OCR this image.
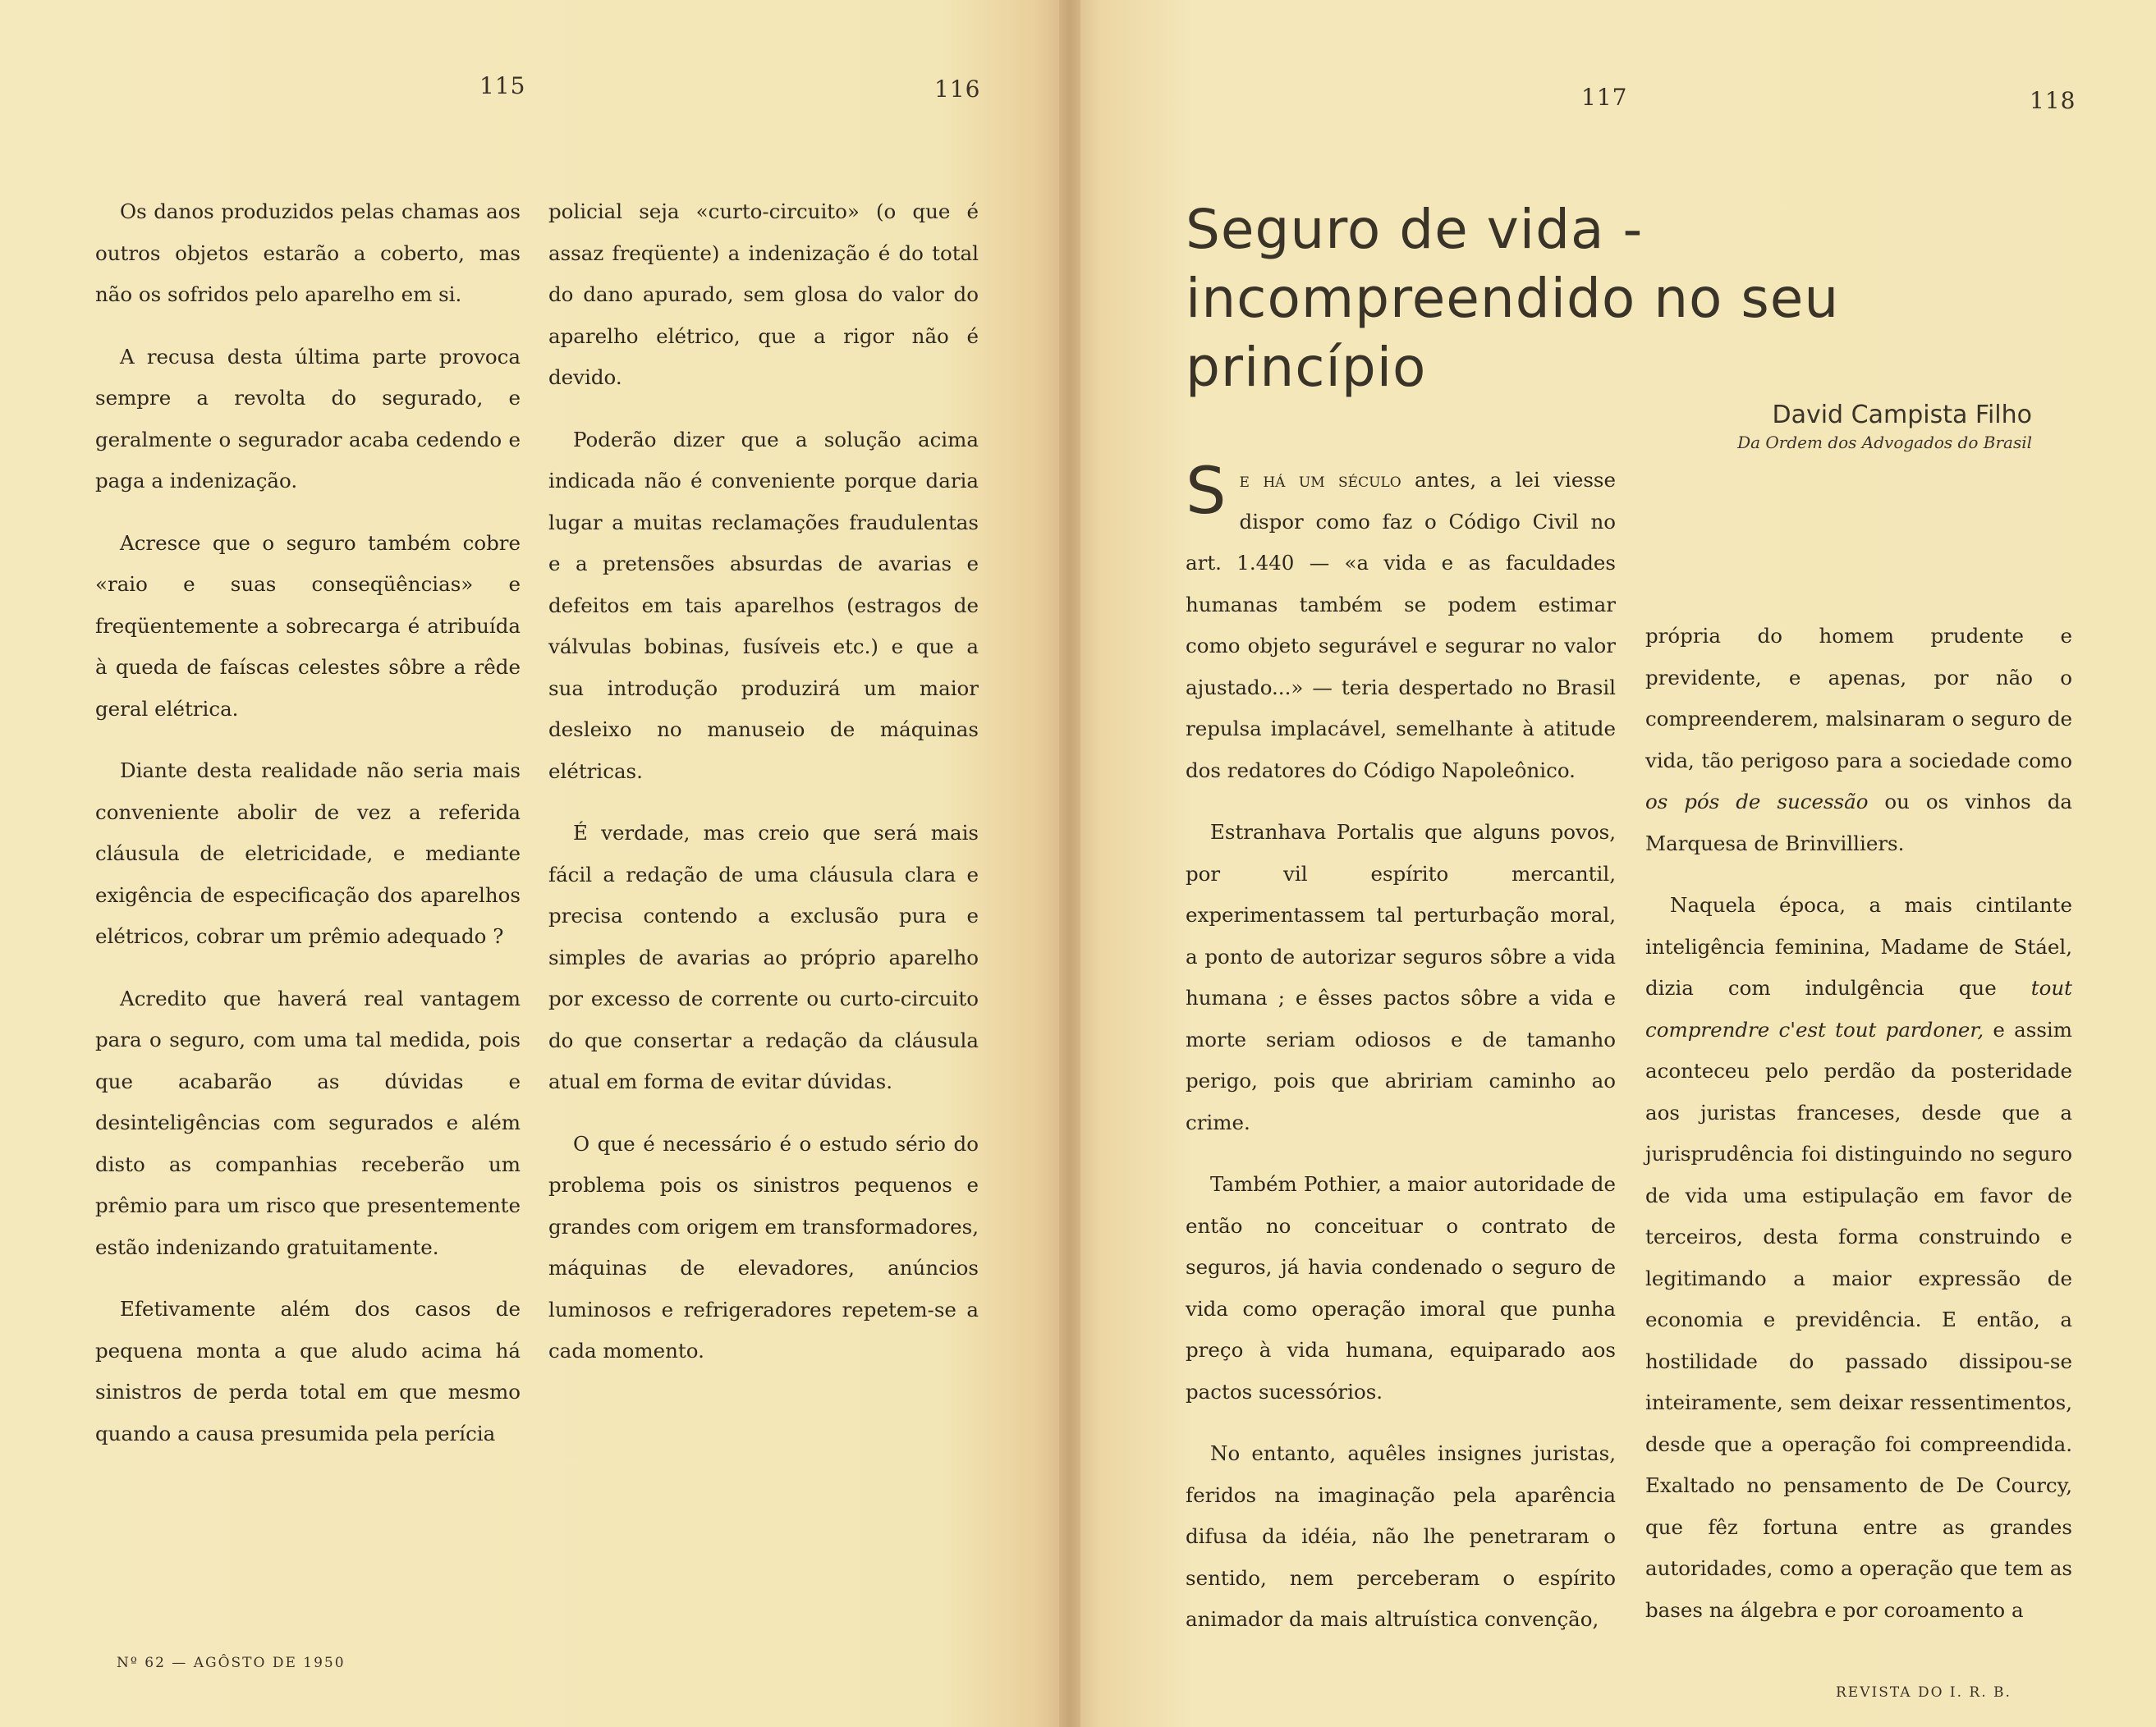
115	116	117	118

Os danos produzidos pelas chamas aos outros objetos estarão a coberto, mas não os sofridos pelo aparelho em si.

A recusa desta última parte provoca sempre a revolta do segurado, e geralmente o segurador acaba cedendo e paga a indenização.

Acresce que o seguro também cobre «raio e suas conseqüências» e freqüentemente a sobrecarga é atribuída à queda de faíscas celestes sôbre a rêde geral elétrica.

Diante desta realidade não seria mais conveniente abolir de vez a referida cláusula de eletricidade, e mediante exigência de especificação dos aparelhos elétricos, cobrar um prêmio adequado ?

Acredito que haverá real vantagem para o seguro, com uma tal medida, pois que acabarão as dúvidas e desinteligências com segurados e além disto as companhias receberão um prêmio para um risco que presentemente estão indenizando gratuitamente.

Efetivamente além dos casos de pequena monta a que aludo acima há sinistros de perda total em que mesmo quando a causa presumida pela perícia

policial seja «curto-circuito» (o que é assaz freqüente) a indenização é do total do dano apurado, sem glosa do valor do aparelho elétrico, que a rigor não é devido.

Poderão dizer que a solução acima indicada não é conveniente porque daria lugar a muitas reclamações fraudulentas e a pretensões absurdas de avarias e defeitos em tais aparelhos (estragos de válvulas bobinas, fusíveis etc.) e que a sua introdução produzirá um maior desleixo no manuseio de máquinas elétricas.

É verdade, mas creio que será mais fácil a redação de uma cláusula clara e precisa contendo a exclusão pura e simples de avarias ao próprio aparelho por excesso de corrente ou curto-circuito do que consertar a redação da cláusula atual em forma de evitar dúvidas.

O que é necessário é o estudo sério do problema pois os sinistros pequenos e grandes com origem em transformadores, máquinas de elevadores, anúncios luminosos e refrigeradores repetem-se a cada momento.

Seguro de vida - incompreendido no seu princípio
David Campista Filho
Da Ordem dos Advogados do Brasil

Se há um século antes, a lei viesse dispor como faz o Código Civil no art. 1.440 — «a vida e as faculdades humanas também se podem estimar como objeto segurável e segurar no valor ajustado...» — teria despertado no Brasil repulsa implacável, semelhante à atitude dos redatores do Código Napoleônico.

Estranhava Portalis que alguns povos, por vil espírito mercantil, experimentassem tal perturbação moral, a ponto de autorizar seguros sôbre a vida humana ; e êsses pactos sôbre a vida e morte seriam odiosos e de tamanho perigo, pois que abririam caminho ao crime.

Também Pothier, a maior autoridade de então no conceituar o contrato de seguros, já havia condenado o seguro de vida como operação imoral que punha preço à vida humana, equiparado aos pactos sucessórios.

No entanto, aquêles insignes juristas, feridos na imaginação pela aparência difusa da idéia, não lhe penetraram o sentido, nem perceberam o espírito animador da mais altruística convenção,

própria do homem prudente e previdente, e apenas, por não o compreenderem, malsinaram o seguro de vida, tão perigoso para a sociedade como os pós de sucessão ou os vinhos da Marquesa de Brinvilliers.

Naquela época, a mais cintilante inteligência feminina, Madame de Stáel, dizia com indulgência que tout comprendre c'est tout pardoner, e assim aconteceu pelo perdão da posteridade aos juristas franceses, desde que a jurisprudência foi distinguindo no seguro de vida uma estipulação em favor de terceiros, desta forma construindo e legitimando a maior expressão de economia e previdência. E então, a hostilidade do passado dissipou-se inteiramente, sem deixar ressentimentos, desde que a operação foi compreendida. Exaltado no pensamento de De Courcy, que fêz fortuna entre as grandes autoridades, como a operação que tem as bases na álgebra e por coroamento a

Nº 62 — AGÔSTO DE 1950
REVISTA DO I. R. B.
